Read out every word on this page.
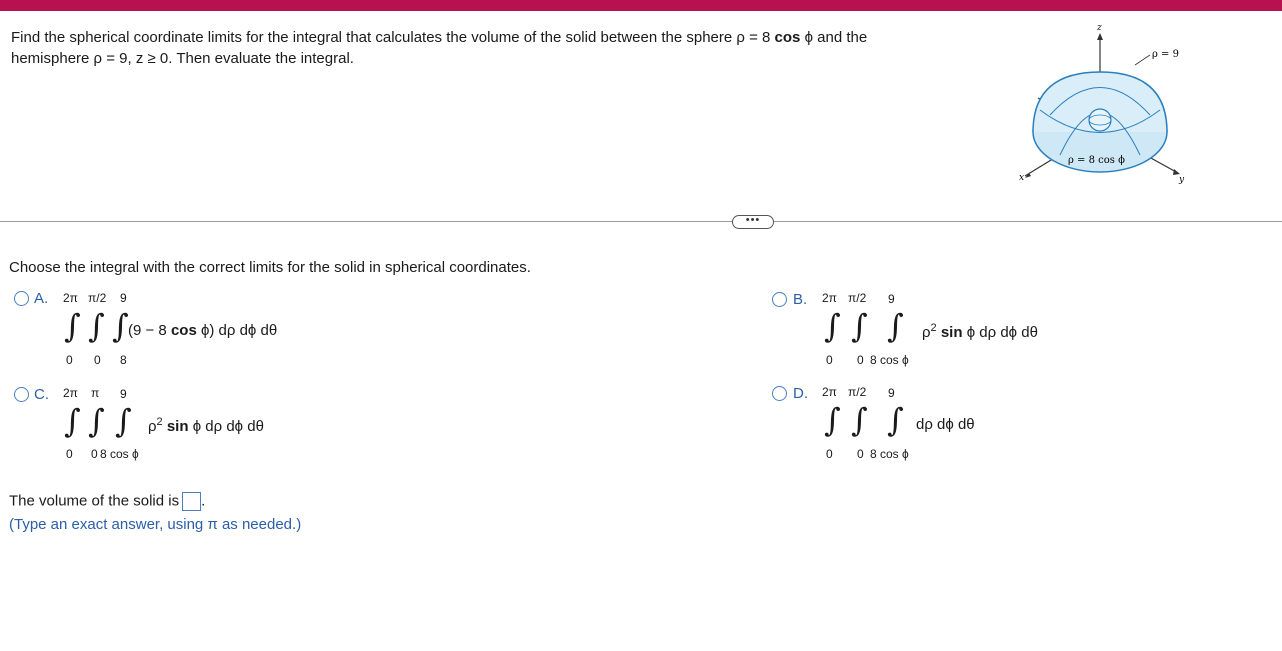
Find the spherical coordinate limits for the integral that calculates the volume of the solid between the sphere ρ = 8 cos ϕ and the
hemisphere ρ = 9, z ≥ 0. Then evaluate the integral.
z
x	y
ρ = 9
ρ = 8 cos ϕ
•••
Choose the integral with the correct limits for the solid in spherical coordinates.
A. 2π π/2 9
∫ ∫ ∫ (9 − 8 cos ϕ) dρ dϕ dθ
0 0 8
B. 2π π/2 9
∫ ∫ ∫ $\rho^2$ sin ϕ dρ dϕ dθ
0 0 8 cos ϕ
C. 2π π 9
∫ ∫ ∫ $\rho^2$ sin ϕ dρ dϕ dθ
0 0 8 cos ϕ
D. 2π π/2 9
∫ ∫ ∫ dρ dϕ dθ
0 0 8 cos ϕ
The volume of the solid is .
(Type an exact answer, using π as needed.)
